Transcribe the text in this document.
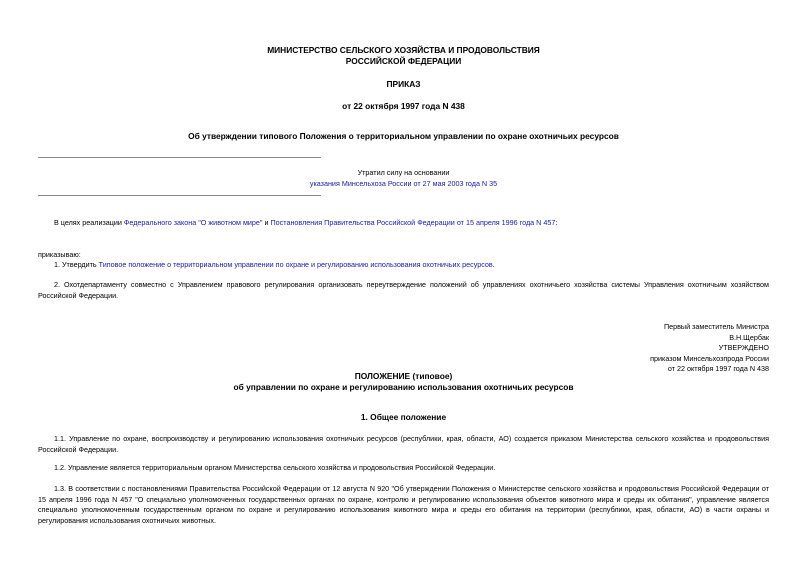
МИНИСТЕРСТВО СЕЛЬСКОГО ХОЗЯЙСТВА И ПРОДОВОЛЬСТВИЯ
РОССИЙСКОЙ ФЕДЕРАЦИИ
ПРИКАЗ
от 22 октября 1997 года N 438
Об утверждении типового Положения о территориальном управлении по охране охотничьих ресурсов
Утратил силу на основании
указания Минсельхоза России от 27 мая 2003 года N 35
В целях реализации Федерального закона "О животном мире" и Постановления Правительства Российской Федерации от 15 апреля 1996 года N 457:
приказываю:
1. Утвердить Типовое положение о территориальном управлении по охране и регулированию использования охотничьих ресурсов.
2. Охотдепартаменту совместно с Управлением правового регулирования организовать переутверждение положений об управлениях охотничьего хозяйства системы Управления охотничьим хозяйством Российской Федерации.
Первый заместитель Министра
В.Н.Щербак
УТВЕРЖДЕНО
приказом Минсельхозпрода России
от 22 октября 1997 года N 438
ПОЛОЖЕНИЕ (типовое)
об управлении по охране и регулированию использования охотничьих ресурсов
1. Общее положение
1.1. Управление по охране, воспроизводству и регулированию использования охотничьих ресурсов (республики, края, области, АО) создается приказом Министерства сельского хозяйства и продовольствия Российской Федерации.
1.2. Управление является территориальным органом Министерства сельского хозяйства и продовольствия Российской Федерации.
1.3. В соответствии с постановлениями Правительства Российской Федерации от 12 августа N 920 "Об утверждении Положения о Министерстве сельского хозяйства и продовольствия Российской Федерации от 15 апреля 1996 года N 457 "О специально уполномоченных государственных органах по охране, контролю и регулированию использования объектов животного мира и среды их обитания", управление является специально уполномоченным государственным органом по охране и регулированию использования животного мира и среды его обитания на территории (республики, края, области, АО) в части охраны и регулирования использования охотничьих животных.
